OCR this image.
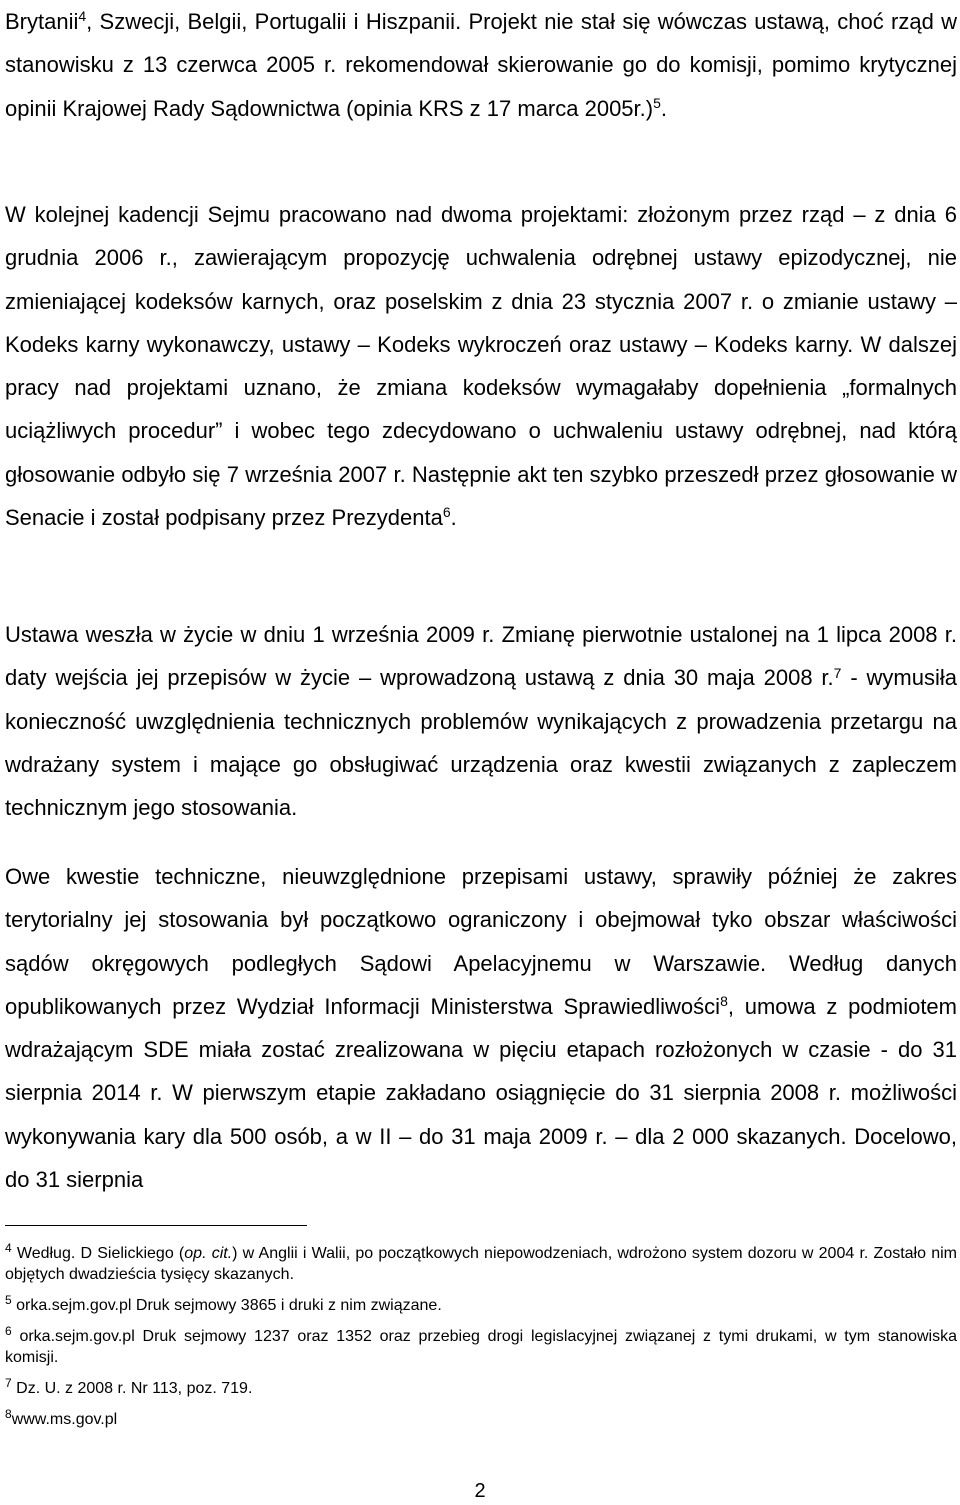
Brytanii$^4$, Szwecji, Belgii, Portugalii i Hiszpanii. Projekt nie stał się wówczas ustawą, choć rząd w stanowisku z 13 czerwca 2005 r. rekomendował skierowanie go do komisji, pomimo krytycznej opinii Krajowej Rady Sądownictwa (opinia KRS z 17 marca 2005r.)$^5$.

W kolejnej kadencji Sejmu pracowano nad dwoma projektami: złożonym przez rząd – z dnia 6 grudnia 2006 r., zawierającym propozycję uchwalenia odrębnej ustawy epizodycznej, nie zmieniającej kodeksów karnych, oraz poselskim z dnia 23 stycznia 2007 r. o zmianie ustawy – Kodeks karny wykonawczy, ustawy – Kodeks wykroczeń oraz ustawy – Kodeks karny. W dalszej pracy nad projektami uznano, że zmiana kodeksów wymagałaby dopełnienia „formalnych uciążliwych procedur” i wobec tego zdecydowano o uchwaleniu ustawy odrębnej, nad którą głosowanie odbyło się 7 września 2007 r. Następnie akt ten szybko przeszedł przez głosowanie w Senacie i został podpisany przez Prezydenta$^6$.

Ustawa weszła w życie w dniu 1 września 2009 r. Zmianę pierwotnie ustalonej na 1 lipca 2008 r. daty wejścia jej przepisów w życie – wprowadzoną ustawą z dnia 30 maja 2008 r.$^7$ - wymusiła konieczność uwzględnienia technicznych problemów wynikających z prowadzenia przetargu na wdrażany system i mające go obsługiwać urządzenia oraz kwestii związanych z zapleczem technicznym jego stosowania.

Owe kwestie techniczne, nieuwzględnione przepisami ustawy, sprawiły później że zakres terytorialny jej stosowania był początkowo ograniczony i obejmował tyko obszar właściwości sądów okręgowych podległych Sądowi Apelacyjnemu w Warszawie. Według danych opublikowanych przez Wydział Informacji Ministerstwa Sprawiedliwości$^8$, umowa z podmiotem wdrażającym SDE miała zostać zrealizowana w pięciu etapach rozłożonych w czasie - do 31 sierpnia 2014 r. W pierwszym etapie zakładano osiągnięcie do 31 sierpnia 2008 r. możliwości wykonywania kary dla 500 osób, a w II – do 31 maja 2009 r. – dla 2 000 skazanych. Docelowo, do 31 sierpnia

$^4$ Według. D Sielickiego (op. cit.) w Anglii i Walii, po początkowych niepowodzeniach, wdrożono system dozoru w 2004 r. Zostało nim objętych dwadzieścia tysięcy skazanych.

$^5$ orka.sejm.gov.pl Druk sejmowy 3865 i druki z nim związane.

$^6$ orka.sejm.gov.pl Druk sejmowy 1237 oraz 1352 oraz przebieg drogi legislacyjnej związanej z tymi drukami, w tym stanowiska komisji.

$^7$ Dz. U. z 2008 r. Nr 113, poz. 719.

$^8$www.ms.gov.pl

2
